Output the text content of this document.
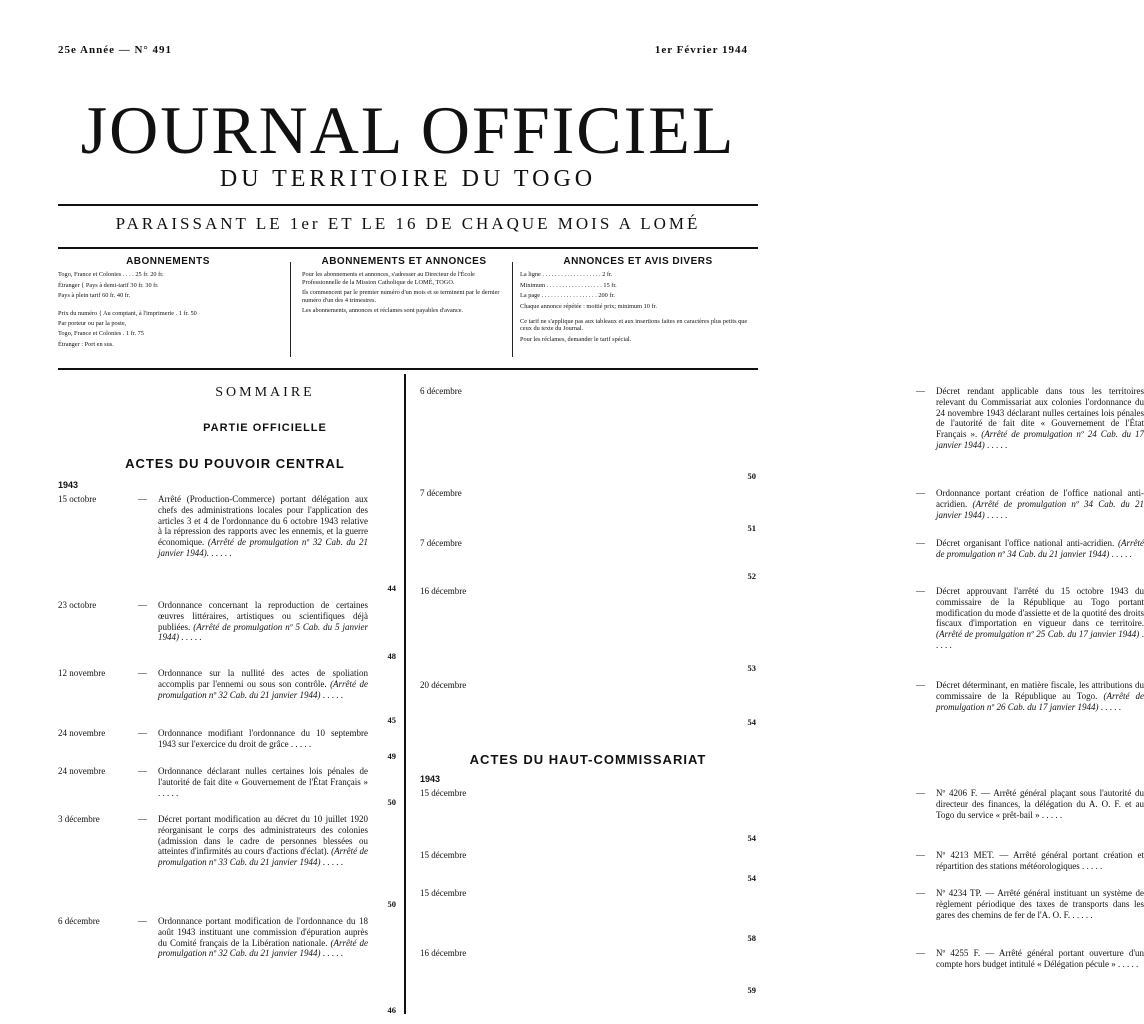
25e Année — N° 491	1er Février 1944
JOURNAL OFFICIEL
DU TERRITOIRE DU TOGO
PARAISSANT LE 1er ET LE 16 DE CHAQUE MOIS A LOMÉ
ABONNEMENTS

Togo, France et Colonies . . . . 25 fr. 20 fr.

Étranger { Pays à demi-tarif 30 fr. 30 fr.

Pays à plein tarif 60 fr. 40 fr.

Prix du numéro { Au comptant, à l'imprimerie . 1 fr. 50

Par porteur ou par la poste,

Togo, France et Colonies . 1 fr. 75

Étranger : Port en sus.

ABONNEMENTS ET ANNONCES

Pour les abonnements et annonces, s'adresser au Directeur de l'École Professionnelle de la Mission Catholique de LOMÉ, TOGO.

Ils commencent par le premier numéro d'un mois et se terminent par le dernier numéro d'un des 4 trimestres.

Les abonnements, annonces et réclames sont payables d'avance.

ANNONCES ET AVIS DIVERS

La ligne . . . . . . . . . . . . . . . . . . . 2 fr.

Minimum . . . . . . . . . . . . . . . . . . 15 fr.

La page . . . . . . . . . . . . . . . . . . 200 fr.

Chaque annonce répétée : moitié prix; minimum 10 fr.

Ce tarif ne s'applique pas aux tableaux et aux insertions faites en caractères plus petits que ceux du texte du Journal.

Pour les réclames, demander le tarif spécial.

SOMMAIRE
PARTIE OFFICIELLE
ACTES DU POUVOIR CENTRAL
1943
15 octobre	— Arrêté (Production-Commerce) portant délégation aux chefs des administrations locales pour l'application des articles 3 et 4 de l'ordonnance du 6 octobre 1943 relative à la répression des rapports avec les ennemis, et la guerre économique. (Arrêté de promulgation nº 32 Cab. du 21 janvier 1944). . . . . .
44
23 octobre	— Ordonnance concernant la reproduction de certaines œuvres littéraires, artistiques ou scientifiques déjà publiées. (Arrêté de promulgation nº 5 Cab. du 5 janvier 1944) . . . . .
48
12 novembre	— Ordonnance sur la nullité des actes de spoliation accomplis par l'ennemi ou sous son contrôle. (Arrêté de promulgation nº 32 Cab. du 21 janvier 1944) . . . . .
45
24 novembre	— Ordonnance modifiant l'ordonnance du 10 septembre 1943 sur l'exercice du droit de grâce . . . . .
49
24 novembre	— Ordonnance déclarant nulles certaines lois pénales de l'autorité de fait dite « Gouvernement de l'État Français » . . . . .
50
3 décembre	— Décret portant modification au décret du 10 juillet 1920 réorganisant le corps des administrateurs des colonies (admission dans le cadre de personnes blessées ou atteintes d'infirmités au cours d'actions d'éclat). (Arrêté de promulgation nº 33 Cab. du 21 janvier 1944) . . . . .
50
6 décembre	— Ordonnance portant modification de l'ordonnance du 18 août 1943 instituant une commission d'épuration auprès du Comité français de la Libération nationale. (Arrêté de promulgation nº 32 Cab. du 21 janvier 1944) . . . . .
46
6 décembre	— Décret rendant applicable dans tous les territoires relevant du Commissariat aux colonies l'ordonnance du 24 novembre 1943 déclarant nulles certaines lois pénales de l'autorité de fait dite « Gouvernement de l'État Français ». (Arrêté de promulgation nº 24 Cab. du 17 janvier 1944) . . . . .
50
7 décembre	— Ordonnance portant création de l'office national anti-acridien. (Arrêté de promulgation nº 34 Cab. du 21 janvier 1944) . . . . .
51
7 décembre	— Décret organisant l'office national anti-acridien. (Arrêté de promulgation nº 34 Cab. du 21 janvier 1944) . . . . .
52
16 décembre	— Décret approuvant l'arrêté du 15 octobre 1943 du commissaire de la République au Togo portant modification du mode d'assiette et de la quotité des droits fiscaux d'importation en vigueur dans ce territoire. (Arrêté de promulgation nº 25 Cab. du 17 janvier 1944) . . . . .
53
20 décembre	— Décret déterminant, en matière fiscale, les attributions du commissaire de la République au Togo. (Arrêté de promulgation nº 26 Cab. du 17 janvier 1944) . . . . .
54
ACTES DU HAUT-COMMISSARIAT
1943
15 décembre	— Nº 4206 F. — Arrêté général plaçant sous l'autorité du directeur des finances, la délégation du A. O. F. et au Togo du service « prêt-bail » . . . . .
54
15 décembre	— Nº 4213 MET. — Arrêté général portant création et répartition des stations météorologiques . . . . .
54
15 décembre	— Nº 4234 TP. — Arrêté général instituant un système de règlement périodique des taxes de transports dans les gares des chemins de fer de l'A. O. F. . . . . .
58
16 décembre	— Nº 4255 F. — Arrêté général portant ouverture d'un compte hors budget intitulé « Délégation pécule » . . . . .
59
